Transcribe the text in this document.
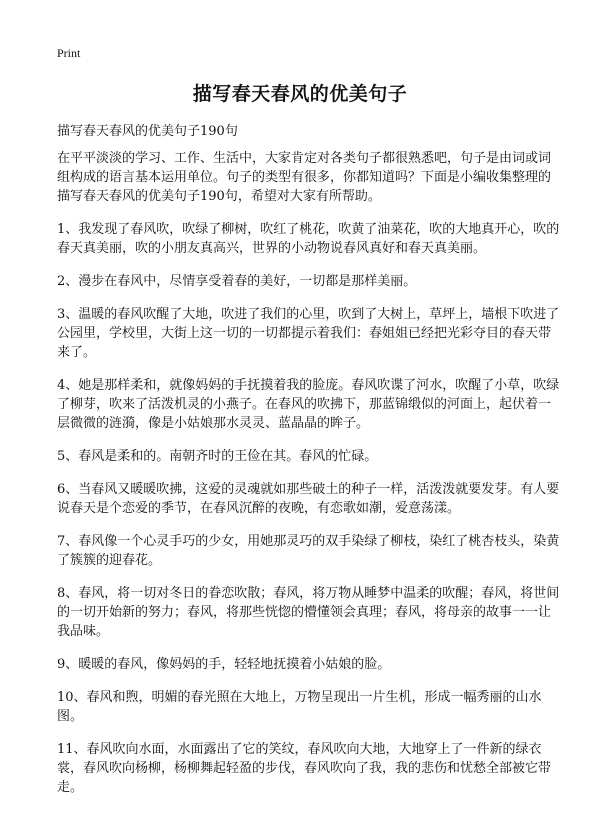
Print
描写春天春风的优美句子
描写春天春风的优美句子190句

在平平淡淡的学习、工作、生活中，大家肯定对各类句子都很熟悉吧，句子是由词或词组构成的语言基本运用单位。句子的类型有很多，你都知道吗？下面是小编收集整理的描写春天春风的优美句子190句，希望对大家有所帮助。

1、我发现了春风吹，吹绿了柳树，吹红了桃花，吹黄了油菜花，吹的大地真开心，吹的春天真美丽，吹的小朋友真高兴，世界的小动物说春风真好和春天真美丽。

2、漫步在春风中，尽情享受着春的美好，一切都是那样美丽。

3、温暖的春风吹醒了大地，吹进了我们的心里，吹到了大树上，草坪上，墙根下吹进了公园里，学校里，大街上这一切的一切都提示着我们：春姐姐已经把光彩夺目的春天带来了。

4、她是那样柔和，就像妈妈的手抚摸着我的脸庞。春风吹谍了河水，吹醒了小草，吹绿了柳芽，吹来了活泼机灵的小燕子。在春风的吹拂下，那蓝锦缎似的河面上，起伏着一层微微的涟漪，像是小姑娘那水灵灵、蓝晶晶的眸子。

5、春风是柔和的。南朝齐时的王俭在其。春风的忙碌。

6、当春风又暖暖吹拂，这爱的灵魂就如那些破土的种子一样，活泼泼就要发芽。有人要说春天是个恋爱的季节，在春风沉醉的夜晚，有恋歌如潮，爱意荡漾。

7、春风像一个心灵手巧的少女，用她那灵巧的双手染绿了柳枝，染红了桃杏枝头，染黄了簇簇的迎春花。

8、春风，将一切对冬日的眷恋吹散；春风，将万物从睡梦中温柔的吹醒；春风，将世间的一切开始新的努力；春风，将那些恍惚的懵懂领会真理；春风，将母亲的故事一一让我品味。

9、暖暖的春风，像妈妈的手，轻轻地抚摸着小姑娘的脸。

10、春风和煦，明媚的春光照在大地上，万物呈现出一片生机，形成一幅秀丽的山水图。

11、春风吹向水面，水面露出了它的笑纹，春风吹向大地，大地穿上了一件新的绿衣裳，春风吹向杨柳，杨柳舞起轻盈的步伐，春风吹向了我，我的悲伤和忧愁全部被它带走。
